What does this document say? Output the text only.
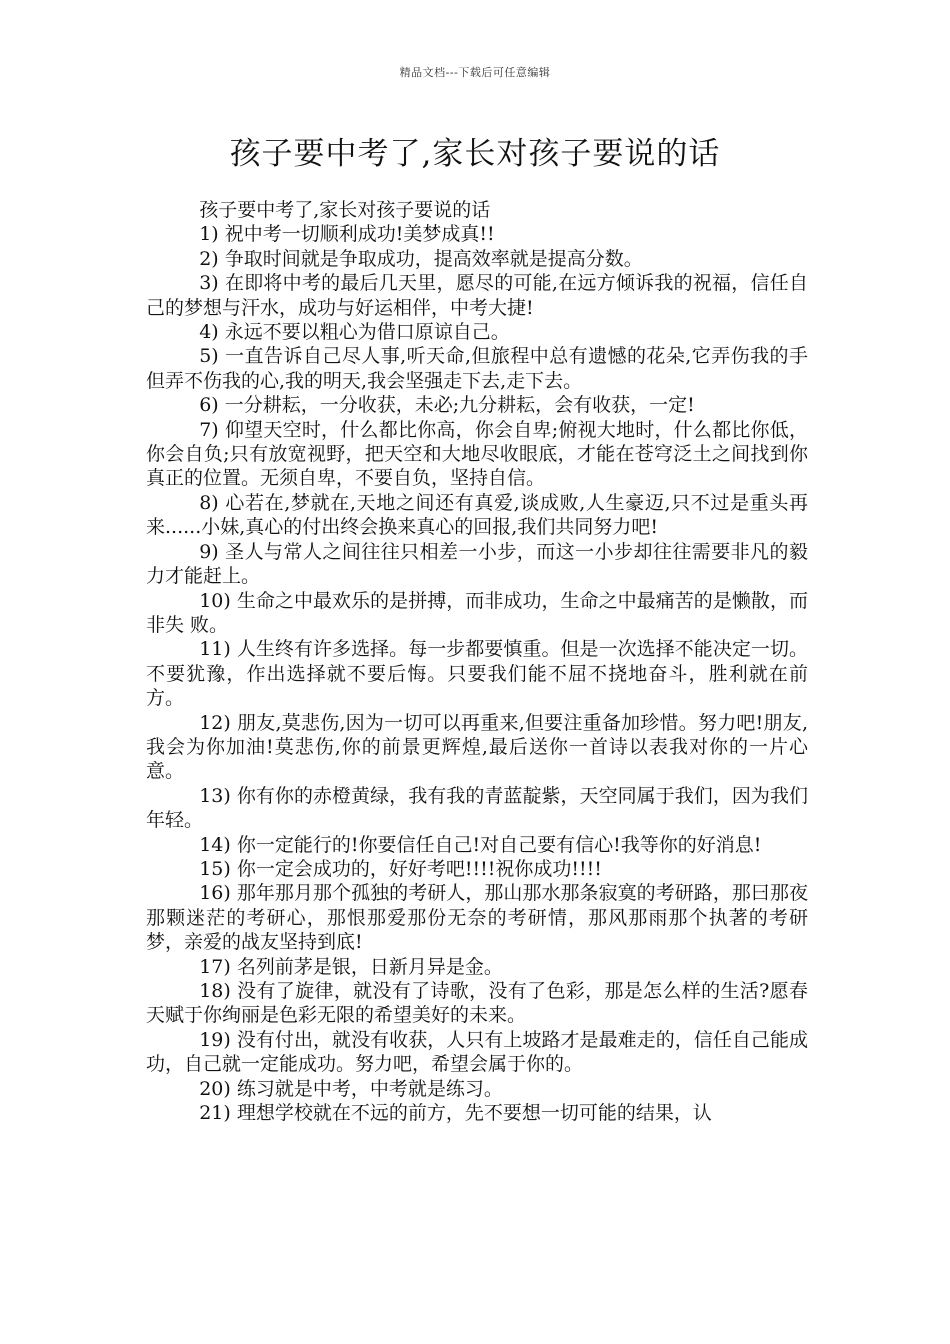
精品文档---下载后可任意编辑
孩子要中考了,家长对孩子要说的话

孩子要中考了,家长对孩子要说的话

1) 祝中考一切顺利成功!美梦成真!!

2) 争取时间就是争取成功，提高效率就是提高分数。

3) 在即将中考的最后几天里，愿尽的可能,在远方倾诉我的祝福，信任自己的梦想与汗水，成功与好运相伴，中考大捷!

4) 永远不要以粗心为借口原谅自己。

5) 一直告诉自己尽人事,听天命,但旅程中总有遗憾的花朵,它弄伤我的手但弄不伤我的心,我的明天,我会坚强走下去,走下去。

6) 一分耕耘，一分收获，未必;九分耕耘，会有收获，一定!

7) 仰望天空时，什么都比你高，你会自卑;俯视大地时，什么都比你低，你会自负;只有放宽视野，把天空和大地尽收眼底，才能在苍穹泛土之间找到你真正的位置。无须自卑，不要自负，坚持自信。

8) 心若在,梦就在,天地之间还有真爱,谈成败,人生豪迈,只不过是重头再来......小妹,真心的付出终会换来真心的回报,我们共同努力吧!

9) 圣人与常人之间往往只相差一小步，而这一小步却往往需要非凡的毅力才能赶上。

10) 生命之中最欢乐的是拼搏，而非成功，生命之中最痛苦的是懒散，而非失 败。

11) 人生终有许多选择。每一步都要慎重。但是一次选择不能决定一切。不要犹豫，作出选择就不要后悔。只要我们能不屈不挠地奋斗，胜利就在前方。

12) 朋友,莫悲伤,因为一切可以再重来,但要注重备加珍惜。努力吧!朋友,我会为你加油!莫悲伤,你的前景更辉煌,最后送你一首诗以表我对你的一片心意。

13) 你有你的赤橙黄绿，我有我的青蓝靛紫，天空同属于我们，因为我们年轻。

14) 你一定能行的!你要信任自己!对自己要有信心!我等你的好消息!

15) 你一定会成功的，好好考吧!!!!祝你成功!!!!

16) 那年那月那个孤独的考研人，那山那水那条寂寞的考研路，那曰那夜那颗迷茫的考研心，那恨那爱那份无奈的考研情，那风那雨那个执著的考研梦，亲爱的战友坚持到底!

17) 名列前茅是银，日新月异是金。

18) 没有了旋律，就没有了诗歌，没有了色彩，那是怎么样的生活?愿春天赋于你绚丽是色彩无限的希望美好的未来。

19) 没有付出，就没有收获，人只有上坡路才是最难走的，信任自己能成功，自己就一定能成功。努力吧，希望会属于你的。

20) 练习就是中考，中考就是练习。

21) 理想学校就在不远的前方，先不要想一切可能的结果，认
